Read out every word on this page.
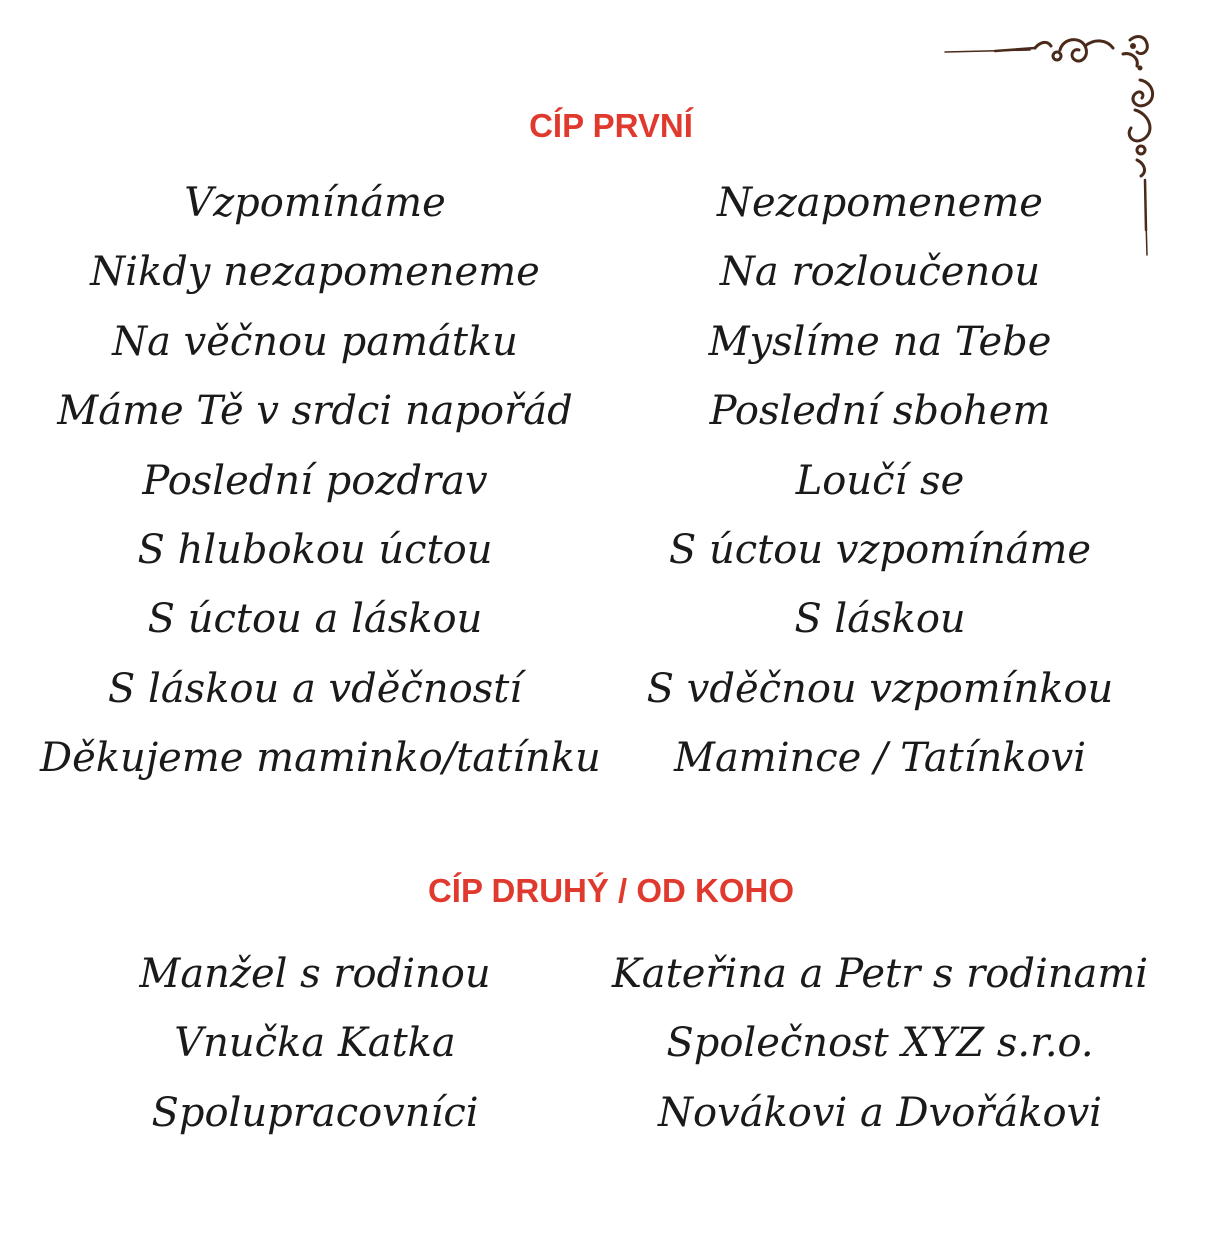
CÍP PRVNÍ
Vzpomínáme
Nikdy nezapomeneme
Na věčnou památku
Máme Tě v srdci napořád
Poslední pozdrav
S hlubokou úctou
S úctou a láskou
S láskou a vděčností
Děkujeme maminko/tatínku
Nezapomeneme
Na rozloučenou
Myslíme na Tebe
Poslední sbohem
Loučí se
S úctou vzpomínáme
S láskou
S vděčnou vzpomínkou
Mamince / Tatínkovi
CÍP DRUHÝ / OD KOHO
Manžel s rodinou
Vnučka Katka
Spolupracovníci
Kateřina a Petr s rodinami
Společnost XYZ s.r.o.
Novákovi a Dvořákovi
